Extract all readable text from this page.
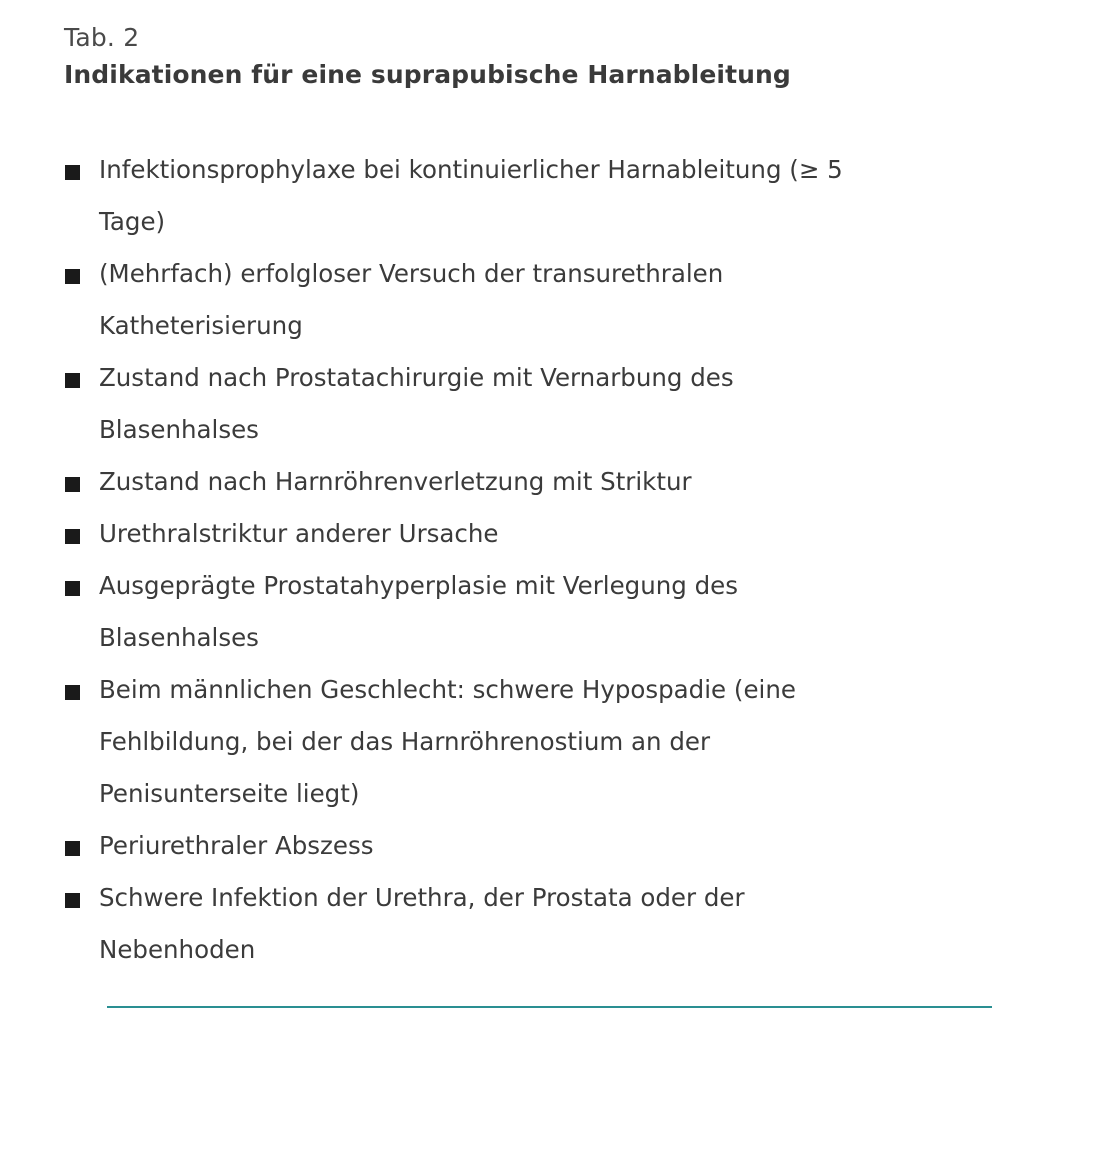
Tab. 2
Indikationen für eine suprapubische Harnableitung
Infektionsprophylaxe bei kontinuierlicher Harnableitung (≥ 5 Tage)
(Mehrfach) erfolgloser Versuch der transurethralen Katheterisierung
Zustand nach Prostatachirurgie mit Vernarbung des Blasenhalses
Zustand nach Harnröhrenverletzung mit Striktur
Urethralstriktur anderer Ursache
Ausgeprägte Prostatahyperplasie mit Verlegung des Blasenhalses
Beim männlichen Geschlecht: schwere Hypospadie (eine Fehlbildung, bei der das Harnröhrenostium an der Penisunterseite liegt)
Periurethraler Abszess
Schwere Infektion der Urethra, der Prostata oder der Nebenhoden
